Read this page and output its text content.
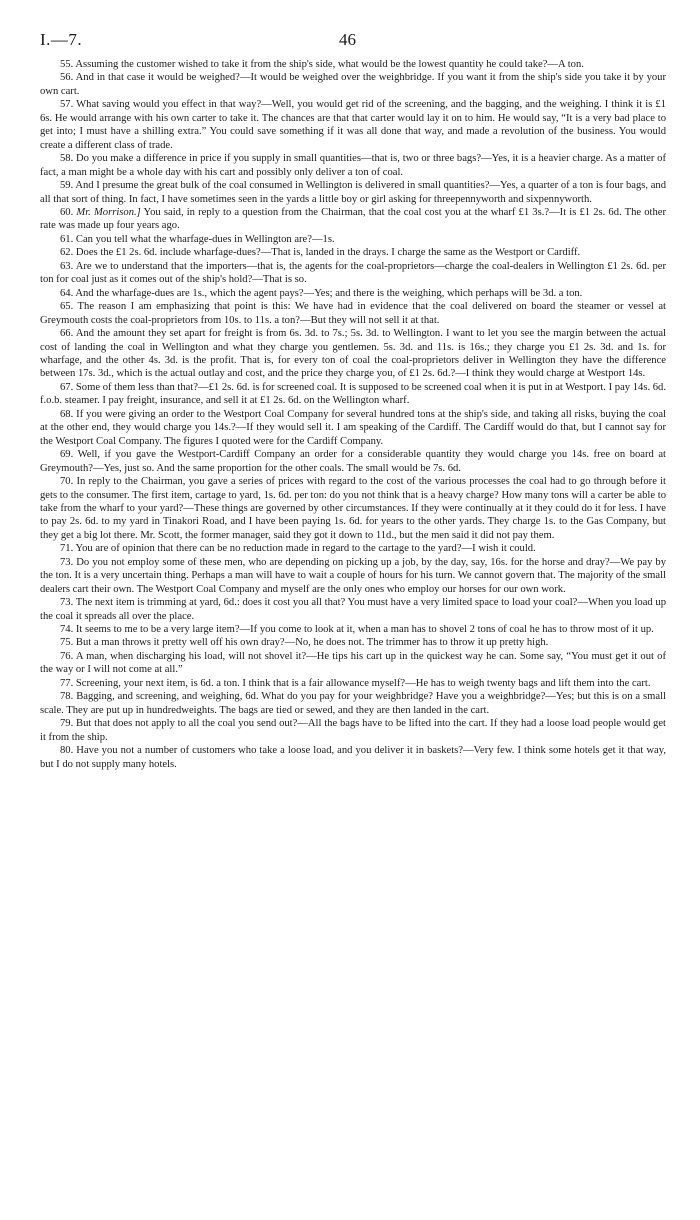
I.—7.	46

55. Assuming the customer wished to take it from the ship's side, what would be the lowest quantity he could take?—A ton.

56. And in that case it would be weighed?—It would be weighed over the weighbridge. If you want it from the ship's side you take it by your own cart.

57. What saving would you effect in that way?—Well, you would get rid of the screening, and the bagging, and the weighing. I think it is £1 6s. He would arrange with his own carter to take it. The chances are that that carter would lay it on to him. He would say, “It is a very bad place to get into; I must have a shilling extra.” You could save something if it was all done that way, and made a revolution of the business. You would create a different class of trade.

58. Do you make a difference in price if you supply in small quantities—that is, two or three bags?—Yes, it is a heavier charge. As a matter of fact, a man might be a whole day with his cart and possibly only deliver a ton of coal.

59. And I presume the great bulk of the coal consumed in Wellington is delivered in small quantities?—Yes, a quarter of a ton is four bags, and all that sort of thing. In fact, I have sometimes seen in the yards a little boy or girl asking for threepennyworth and sixpennyworth.

60. Mr. Morrison.] You said, in reply to a question from the Chairman, that the coal cost you at the wharf £1 3s.?—It is £1 2s. 6d. The other rate was made up four years ago.

61. Can you tell what the wharfage-dues in Wellington are?—1s.

62. Does the £1 2s. 6d. include wharfage-dues?—That is, landed in the drays. I charge the same as the Westport or Cardiff.

63. Are we to understand that the importers—that is, the agents for the coal-proprietors—charge the coal-dealers in Wellington £1 2s. 6d. per ton for coal just as it comes out of the ship's hold?—That is so.

64. And the wharfage-dues are 1s., which the agent pays?—Yes; and there is the weighing, which perhaps will be 3d. a ton.

65. The reason I am emphasizing that point is this: We have had in evidence that the coal delivered on board the steamer or vessel at Greymouth costs the coal-proprietors from 10s. to 11s. a ton?—But they will not sell it at that.

66. And the amount they set apart for freight is from 6s. 3d. to 7s.; 5s. 3d. to Wellington. I want to let you see the margin between the actual cost of landing the coal in Wellington and what they charge you gentlemen. 5s. 3d. and 11s. is 16s.; they charge you £1 2s. 3d. and 1s. for wharfage, and the other 4s. 3d. is the profit. That is, for every ton of coal the coal-proprietors deliver in Wellington they have the difference between 17s. 3d., which is the actual outlay and cost, and the price they charge you, of £1 2s. 6d.?—I think they would charge at Westport 14s.

67. Some of them less than that?—£1 2s. 6d. is for screened coal. It is supposed to be screened coal when it is put in at Westport. I pay 14s. 6d. f.o.b. steamer. I pay freight, insurance, and sell it at £1 2s. 6d. on the Wellington wharf.

68. If you were giving an order to the Westport Coal Company for several hundred tons at the ship's side, and taking all risks, buying the coal at the other end, they would charge you 14s.?—If they would sell it. I am speaking of the Cardiff. The Cardiff would do that, but I cannot say for the Westport Coal Company. The figures I quoted were for the Cardiff Company.

69. Well, if you gave the Westport-Cardiff Company an order for a considerable quantity they would charge you 14s. free on board at Greymouth?—Yes, just so. And the same proportion for the other coals. The small would be 7s. 6d.

70. In reply to the Chairman, you gave a series of prices with regard to the cost of the various processes the coal had to go through before it gets to the consumer. The first item, cartage to yard, 1s. 6d. per ton: do you not think that is a heavy charge? How many tons will a carter be able to take from the wharf to your yard?—These things are governed by other circumstances. If they were continually at it they could do it for less. I have to pay 2s. 6d. to my yard in Tinakori Road, and I have been paying 1s. 6d. for years to the other yards. They charge 1s. to the Gas Company, but they get a big lot there. Mr. Scott, the former manager, said they got it down to 11d., but the men said it did not pay them.

71. You are of opinion that there can be no reduction made in regard to the cartage to the yard?—I wish it could.

73. Do you not employ some of these men, who are depending on picking up a job, by the day, say, 16s. for the horse and dray?—We pay by the ton. It is a very uncertain thing. Perhaps a man will have to wait a couple of hours for his turn. We cannot govern that. The majority of the small dealers cart their own. The Westport Coal Company and myself are the only ones who employ our horses for our own work.

73. The next item is trimming at yard, 6d.: does it cost you all that? You must have a very limited space to load your coal?—When you load up the coal it spreads all over the place.

74. It seems to me to be a very large item?—If you come to look at it, when a man has to shovel 2 tons of coal he has to throw most of it up.

75. But a man throws it pretty well off his own dray?—No, he does not. The trimmer has to throw it up pretty high.

76. A man, when discharging his load, will not shovel it?—He tips his cart up in the quickest way he can. Some say, “You must get it out of the way or I will not come at all.”

77. Screening, your next item, is 6d. a ton. I think that is a fair allowance myself?—He has to weigh twenty bags and lift them into the cart.

78. Bagging, and screening, and weighing, 6d. What do you pay for your weighbridge? Have you a weighbridge?—Yes; but this is on a small scale. They are put up in hundredweights. The bags are tied or sewed, and they are then landed in the cart.

79. But that does not apply to all the coal you send out?—All the bags have to be lifted into the cart. If they had a loose load people would get it from the ship.

80. Have you not a number of customers who take a loose load, and you deliver it in baskets?—Very few. I think some hotels get it that way, but I do not supply many hotels.
